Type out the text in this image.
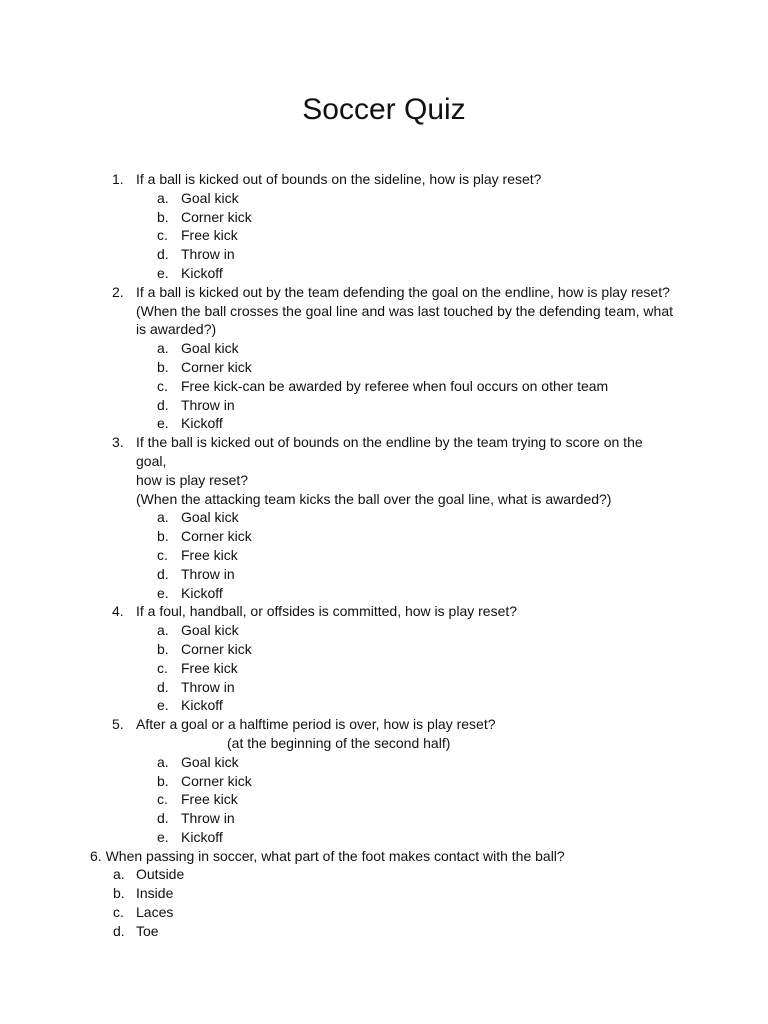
Soccer Quiz
1. If a ball is kicked out of bounds on the sideline, how is play reset?
a. Goal kick
b. Corner kick
c. Free kick
d. Throw in
e. Kickoff
2. If a ball is kicked out by the team defending the goal on the endline, how is play reset?
(When the ball crosses the goal line and was last touched by the defending team, what
is awarded?)
a. Goal kick
b. Corner kick
c. Free kick-can be awarded by referee when foul occurs on other team
d. Throw in
e. Kickoff
3. If the ball is kicked out of bounds on the endline by the team trying to score on the goal,
how is play reset?
(When the attacking team kicks the ball over the goal line, what is awarded?)
a. Goal kick
b. Corner kick
c. Free kick
d. Throw in
e. Kickoff
4. If a foul, handball, or offsides is committed, how is play reset?
a. Goal kick
b. Corner kick
c. Free kick
d. Throw in
e. Kickoff
5. After a goal or a halftime period is over, how is play reset?
(at the beginning of the second half)
a. Goal kick
b. Corner kick
c. Free kick
d. Throw in
e. Kickoff
6. When passing in soccer, what part of the foot makes contact with the ball?
a. Outside
b. Inside
c. Laces
d. Toe
